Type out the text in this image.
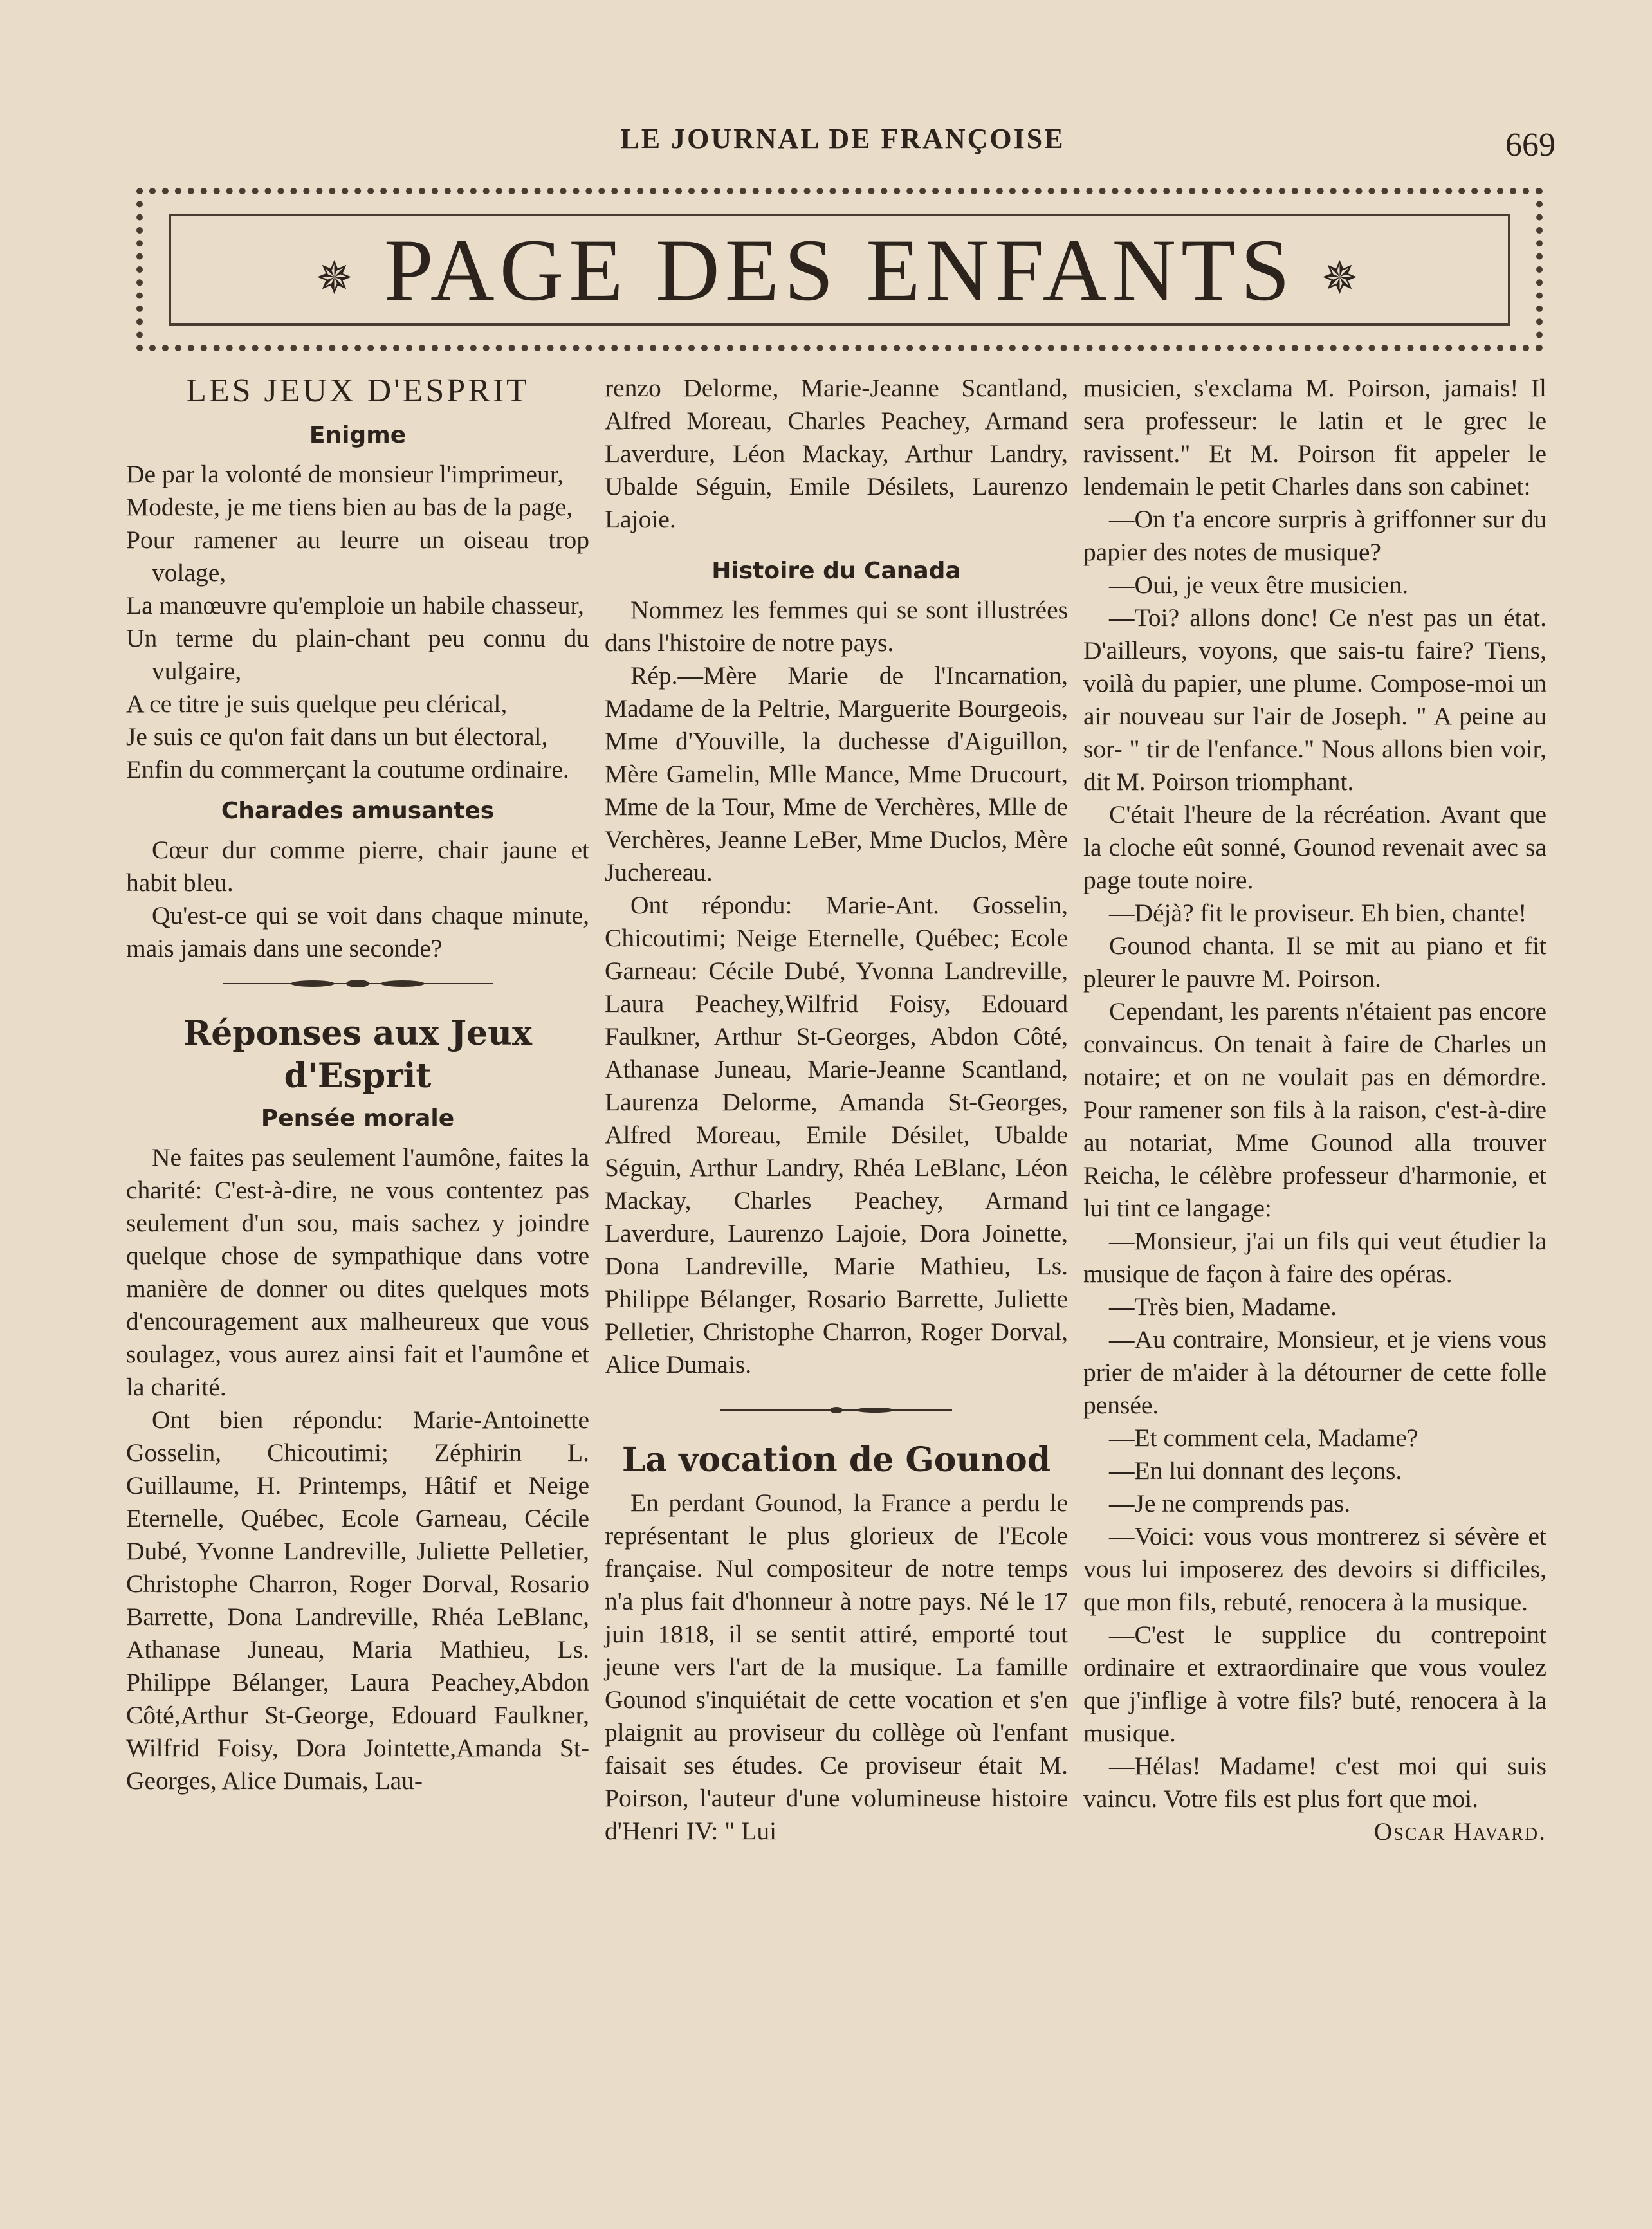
LE JOURNAL DE FRANÇOISE	669
✵ PAGE DES ENFANTS ✵
LES JEUX D'ESPRIT
Enigme
De par la volonté de monsieur l'imprimeur,
Modeste, je me tiens bien au bas de la page,
Pour ramener au leurre un oiseau trop volage,
La manœuvre qu'emploie un habile chasseur,
Un terme du plain-chant peu connu du vulgaire,
A ce titre je suis quelque peu clérical,
Je suis ce qu'on fait dans un but électoral,
Enfin du commerçant la coutume ordinaire.
Charades amusantes

Cœur dur comme pierre, chair jaune et habit bleu.

Qu'est-ce qui se voit dans chaque minute, mais jamais dans une seconde?

Réponses aux Jeux d'Esprit
Pensée morale

Ne faites pas seulement l'aumône, faites la charité: C'est-à-dire, ne vous contentez pas seulement d'un sou, mais sachez y joindre quelque chose de sympathique dans votre manière de donner ou dites quelques mots d'encouragement aux malheureux que vous soulagez, vous aurez ainsi fait et l'aumône et la charité.

Ont bien répondu: Marie-Antoinette Gosselin, Chicoutimi; Zéphirin L. Guillaume, H. Printemps, Hâtif et Neige Eternelle, Québec, Ecole Garneau, Cécile Dubé, Yvonne Landreville, Juliette Pelletier, Christophe Charron, Roger Dorval, Rosario Barrette, Dona Landreville, Rhéa LeBlanc, Athanase Juneau, Maria Mathieu, Ls. Philippe Bélanger, Laura Peachey,Abdon Côté,Arthur St-George, Edouard Faulkner, Wilfrid Foisy, Dora Jointette,Amanda St-Georges, Alice Dumais, Lau-

renzo Delorme, Marie-Jeanne Scantland, Alfred Moreau, Charles Peachey, Armand Laverdure, Léon Mackay, Arthur Landry, Ubalde Séguin, Emile Désilets, Laurenzo Lajoie.

Histoire du Canada

Nommez les femmes qui se sont illustrées dans l'histoire de notre pays.

Rép.—Mère Marie de l'Incarnation, Madame de la Peltrie, Marguerite Bourgeois, Mme d'Youville, la duchesse d'Aiguillon, Mère Gamelin, Mlle Mance, Mme Drucourt, Mme de la Tour, Mme de Verchères, Mlle de Verchères, Jeanne LeBer, Mme Duclos, Mère Juchereau.

Ont répondu: Marie-Ant. Gosselin, Chicoutimi; Neige Eternelle, Québec; Ecole Garneau: Cécile Dubé, Yvonna Landreville, Laura Peachey,Wilfrid Foisy, Edouard Faulkner, Arthur St-Georges, Abdon Côté, Athanase Juneau, Marie-Jeanne Scantland, Laurenza Delorme, Amanda St-Georges, Alfred Moreau, Emile Désilet, Ubalde Séguin, Arthur Landry, Rhéa LeBlanc, Léon Mackay, Charles Peachey, Armand Laverdure, Laurenzo Lajoie, Dora Joinette, Dona Landreville, Marie Mathieu, Ls. Philippe Bélanger, Rosario Barrette, Juliette Pelletier, Christophe Charron, Roger Dorval, Alice Dumais.

La vocation de Gounod

En perdant Gounod, la France a perdu le représentant le plus glorieux de l'Ecole française. Nul compositeur de notre temps n'a plus fait d'honneur à notre pays. Né le 17 juin 1818, il se sentit attiré, emporté tout jeune vers l'art de la musique. La famille Gounod s'inquiétait de cette vocation et s'en plaignit au proviseur du collège où l'enfant faisait ses études. Ce proviseur était M. Poirson, l'auteur d'une volumineuse histoire d'Henri IV: " Lui

musicien, s'exclama M. Poirson, jamais! Il sera professeur: le latin et le grec le ravissent." Et M. Poirson fit appeler le lendemain le petit Charles dans son cabinet:

—On t'a encore surpris à griffonner sur du papier des notes de musique?

—Oui, je veux être musicien.

—Toi? allons donc! Ce n'est pas un état. D'ailleurs, voyons, que sais-tu faire? Tiens, voilà du papier, une plume. Compose-moi un air nouveau sur l'air de Joseph. " A peine au sor- " tir de l'enfance." Nous allons bien voir, dit M. Poirson triomphant.

C'était l'heure de la récréation. Avant que la cloche eût sonné, Gounod revenait avec sa page toute noire.

—Déjà? fit le proviseur. Eh bien, chante!

Gounod chanta. Il se mit au piano et fit pleurer le pauvre M. Poirson.

Cependant, les parents n'étaient pas encore convaincus. On tenait à faire de Charles un notaire; et on ne voulait pas en démordre. Pour ramener son fils à la raison, c'est-à-dire au notariat, Mme Gounod alla trouver Reicha, le célèbre professeur d'harmonie, et lui tint ce langage:

—Monsieur, j'ai un fils qui veut étudier la musique de façon à faire des opéras.

—Très bien, Madame.

—Au contraire, Monsieur, et je viens vous prier de m'aider à la détourner de cette folle pensée.

—Et comment cela, Madame?

—En lui donnant des leçons.

—Je ne comprends pas.

—Voici: vous vous montrerez si sévère et vous lui imposerez des devoirs si difficiles, que mon fils, rebuté, renocera à la musique.

—C'est le supplice du contrepoint ordinaire et extraordinaire que vous voulez que j'inflige à votre fils? buté, renocera à la musique.

—Hélas! Madame! c'est moi qui suis vaincu. Votre fils est plus fort que moi.

Oscar Havard.
